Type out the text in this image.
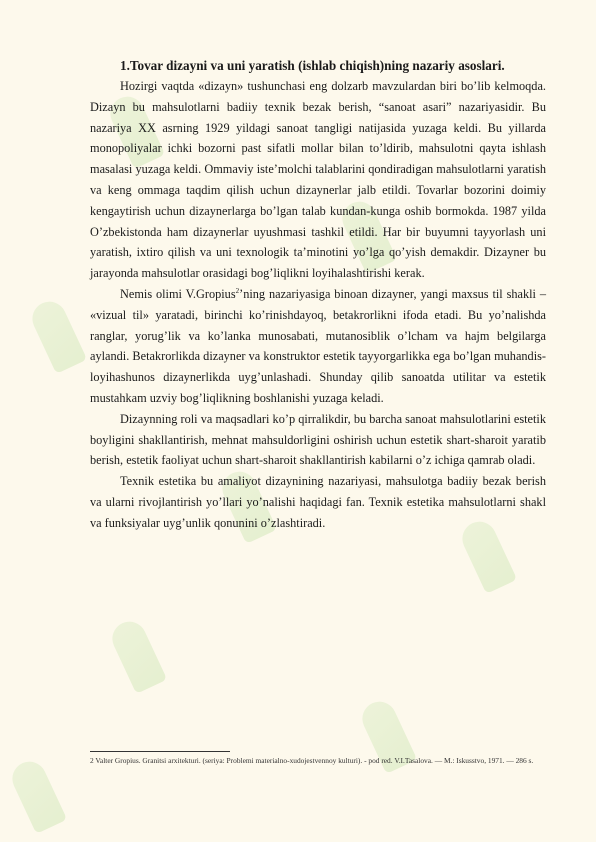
1.Tovar dizayni va uni yaratish (ishlab chiqish)ning nazariy asoslari.

Hozirgi vaqtda «dizayn» tushunchasi eng dolzarb mavzulardan biri bo’lib kelmoqda. Dizayn bu mahsulotlarni badiiy texnik bezak berish, “sanoat asari” nazariyasidir. Bu nazariya XX asrning 1929 yildagi sanoat tangligi natijasida yuzaga keldi. Bu yillarda monopoliyalar ichki bozorni past sifatli mollar bilan to’ldirib, mahsulotni qayta ishlash masalasi yuzaga keldi. Ommaviy iste’molchi talablarini qondiradigan mahsulotlarni yaratish va keng ommaga taqdim qilish uchun dizaynerlar jalb etildi. Tovarlar bozorini doimiy kengaytirish uchun dizaynerlarga bo’lgan talab kundan-kunga oshib bormokda. 1987 yilda O’zbekistonda ham dizaynerlar uyushmasi tashkil etildi. Har bir buyumni tayyorlash uni yaratish, ixtiro qilish va uni texnologik ta’minotini yo’lga qo’yish demakdir. Dizayner bu jarayonda mahsulotlar orasidagi bog’liqlikni loyihalashtirishi kerak.

Nemis olimi V.Gropius$^2$’ning nazariyasiga binoan dizayner, yangi maxsus til shakli – «vizual til» yaratadi, birinchi ko’rinishdayoq, betakrorlikni ifoda etadi. Bu yo’nalishda ranglar, yorug’lik va ko’lanka munosabati, mutanosiblik o’lcham va hajm belgilarga aylandi. Betakrorlikda dizayner va konstruktor estetik tayyorgarlikka ega bo’lgan muhandis-loyihashunos dizaynerlikda uyg’unlashadi. Shunday qilib sanoatda utilitar va estetik mustahkam uzviy bog’liqlikning boshlanishi yuzaga keladi.

Dizaynning roli va maqsadlari ko’p qirralikdir, bu barcha sanoat mahsulotlarini estetik boyligini shakllantirish, mehnat mahsuldorligini oshirish uchun estetik shart-sharoit yaratib berish, estetik faoliyat uchun shart-sharoit shakllantirish kabilarni o’z ichiga qamrab oladi.

Texnik estetika bu amaliyot dizaynining nazariyasi, mahsulotga badiiy bezak berish va ularni rivojlantirish yo’llari yo’nalishi haqidagi fan. Texnik estetika mahsulotlarni shakl va funksiyalar uyg’unlik qonunini o’zlashtiradi.

2 Valter Gropius. Granitsi arxitekturi. (seriya: Problemi materialno-xudojestvennoy kulturi). - pod red. V.I.Tasalova. — M.: Iskusstvo, 1971. — 286 s.
